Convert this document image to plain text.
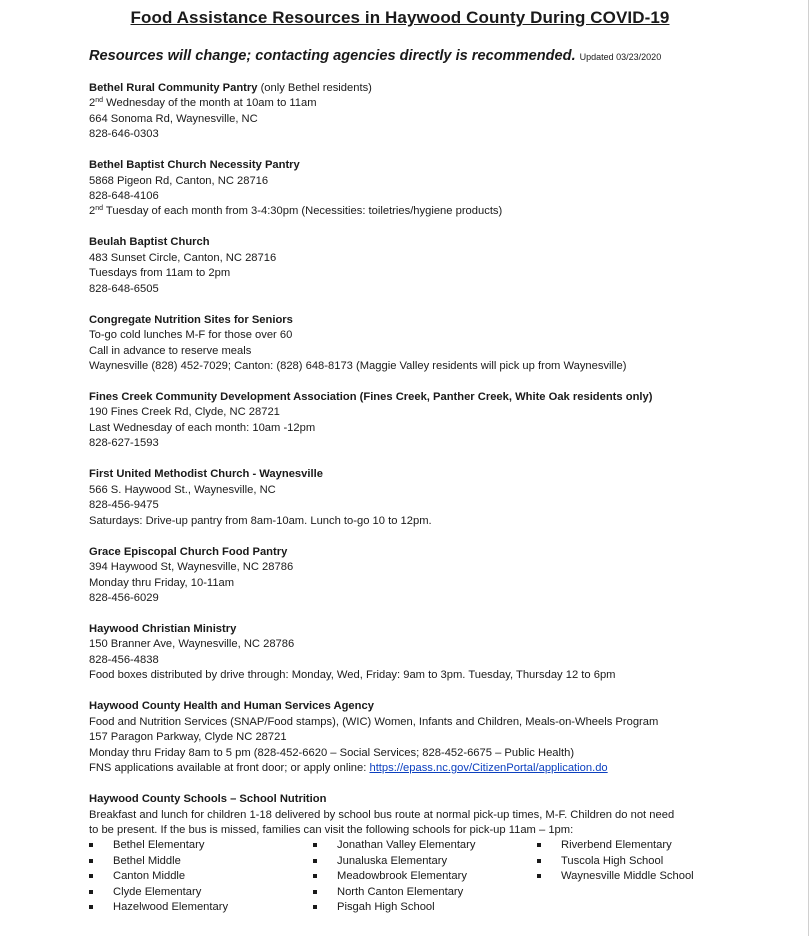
Food Assistance Resources in Haywood County During COVID-19
Resources will change; contacting agencies directly is recommended. Updated 03/23/2020
Bethel Rural Community Pantry (only Bethel residents)
2nd Wednesday of the month at 10am to 11am
664 Sonoma Rd, Waynesville, NC
828-646-0303
Bethel Baptist Church Necessity Pantry
5868 Pigeon Rd, Canton, NC 28716
828-648-4106
2nd Tuesday of each month from 3-4:30pm (Necessities: toiletries/hygiene products)
Beulah Baptist Church
483 Sunset Circle, Canton, NC 28716
Tuesdays from 11am to 2pm
828-648-6505
Congregate Nutrition Sites for Seniors
To-go cold lunches M-F for those over 60
Call in advance to reserve meals
Waynesville (828) 452-7029; Canton: (828) 648-8173 (Maggie Valley residents will pick up from Waynesville)
Fines Creek Community Development Association (Fines Creek, Panther Creek, White Oak residents only)
190 Fines Creek Rd, Clyde, NC 28721
Last Wednesday of each month: 10am -12pm
828-627-1593
First United Methodist Church - Waynesville
566 S. Haywood St., Waynesville, NC
828-456-9475
Saturdays: Drive-up pantry from 8am-10am. Lunch to-go 10 to 12pm.
Grace Episcopal Church Food Pantry
394 Haywood St, Waynesville, NC 28786
Monday thru Friday, 10-11am
828-456-6029
Haywood Christian Ministry
150 Branner Ave, Waynesville, NC 28786
828-456-4838
Food boxes distributed by drive through: Monday, Wed, Friday: 9am to 3pm. Tuesday, Thursday 12 to 6pm
Haywood County Health and Human Services Agency
Food and Nutrition Services (SNAP/Food stamps), (WIC) Women, Infants and Children, Meals-on-Wheels Program
157 Paragon Parkway, Clyde NC 28721
Monday thru Friday 8am to 5 pm (828-452-6620 – Social Services; 828-452-6675 – Public Health)
FNS applications available at front door; or apply online: https://epass.nc.gov/CitizenPortal/application.do
Haywood County Schools – School Nutrition
Breakfast and lunch for children 1-18 delivered by school bus route at normal pick-up times, M-F. Children do not need
to be present. If the bus is missed, families can visit the following schools for pick-up 11am – 1pm:
Bethel Elementary
Bethel Middle
Canton Middle
Clyde Elementary
Hazelwood Elementary
Jonathan Valley Elementary
Junaluska Elementary
Meadowbrook Elementary
North Canton Elementary
Pisgah High School
Riverbend Elementary
Tuscola High School
Waynesville Middle School
